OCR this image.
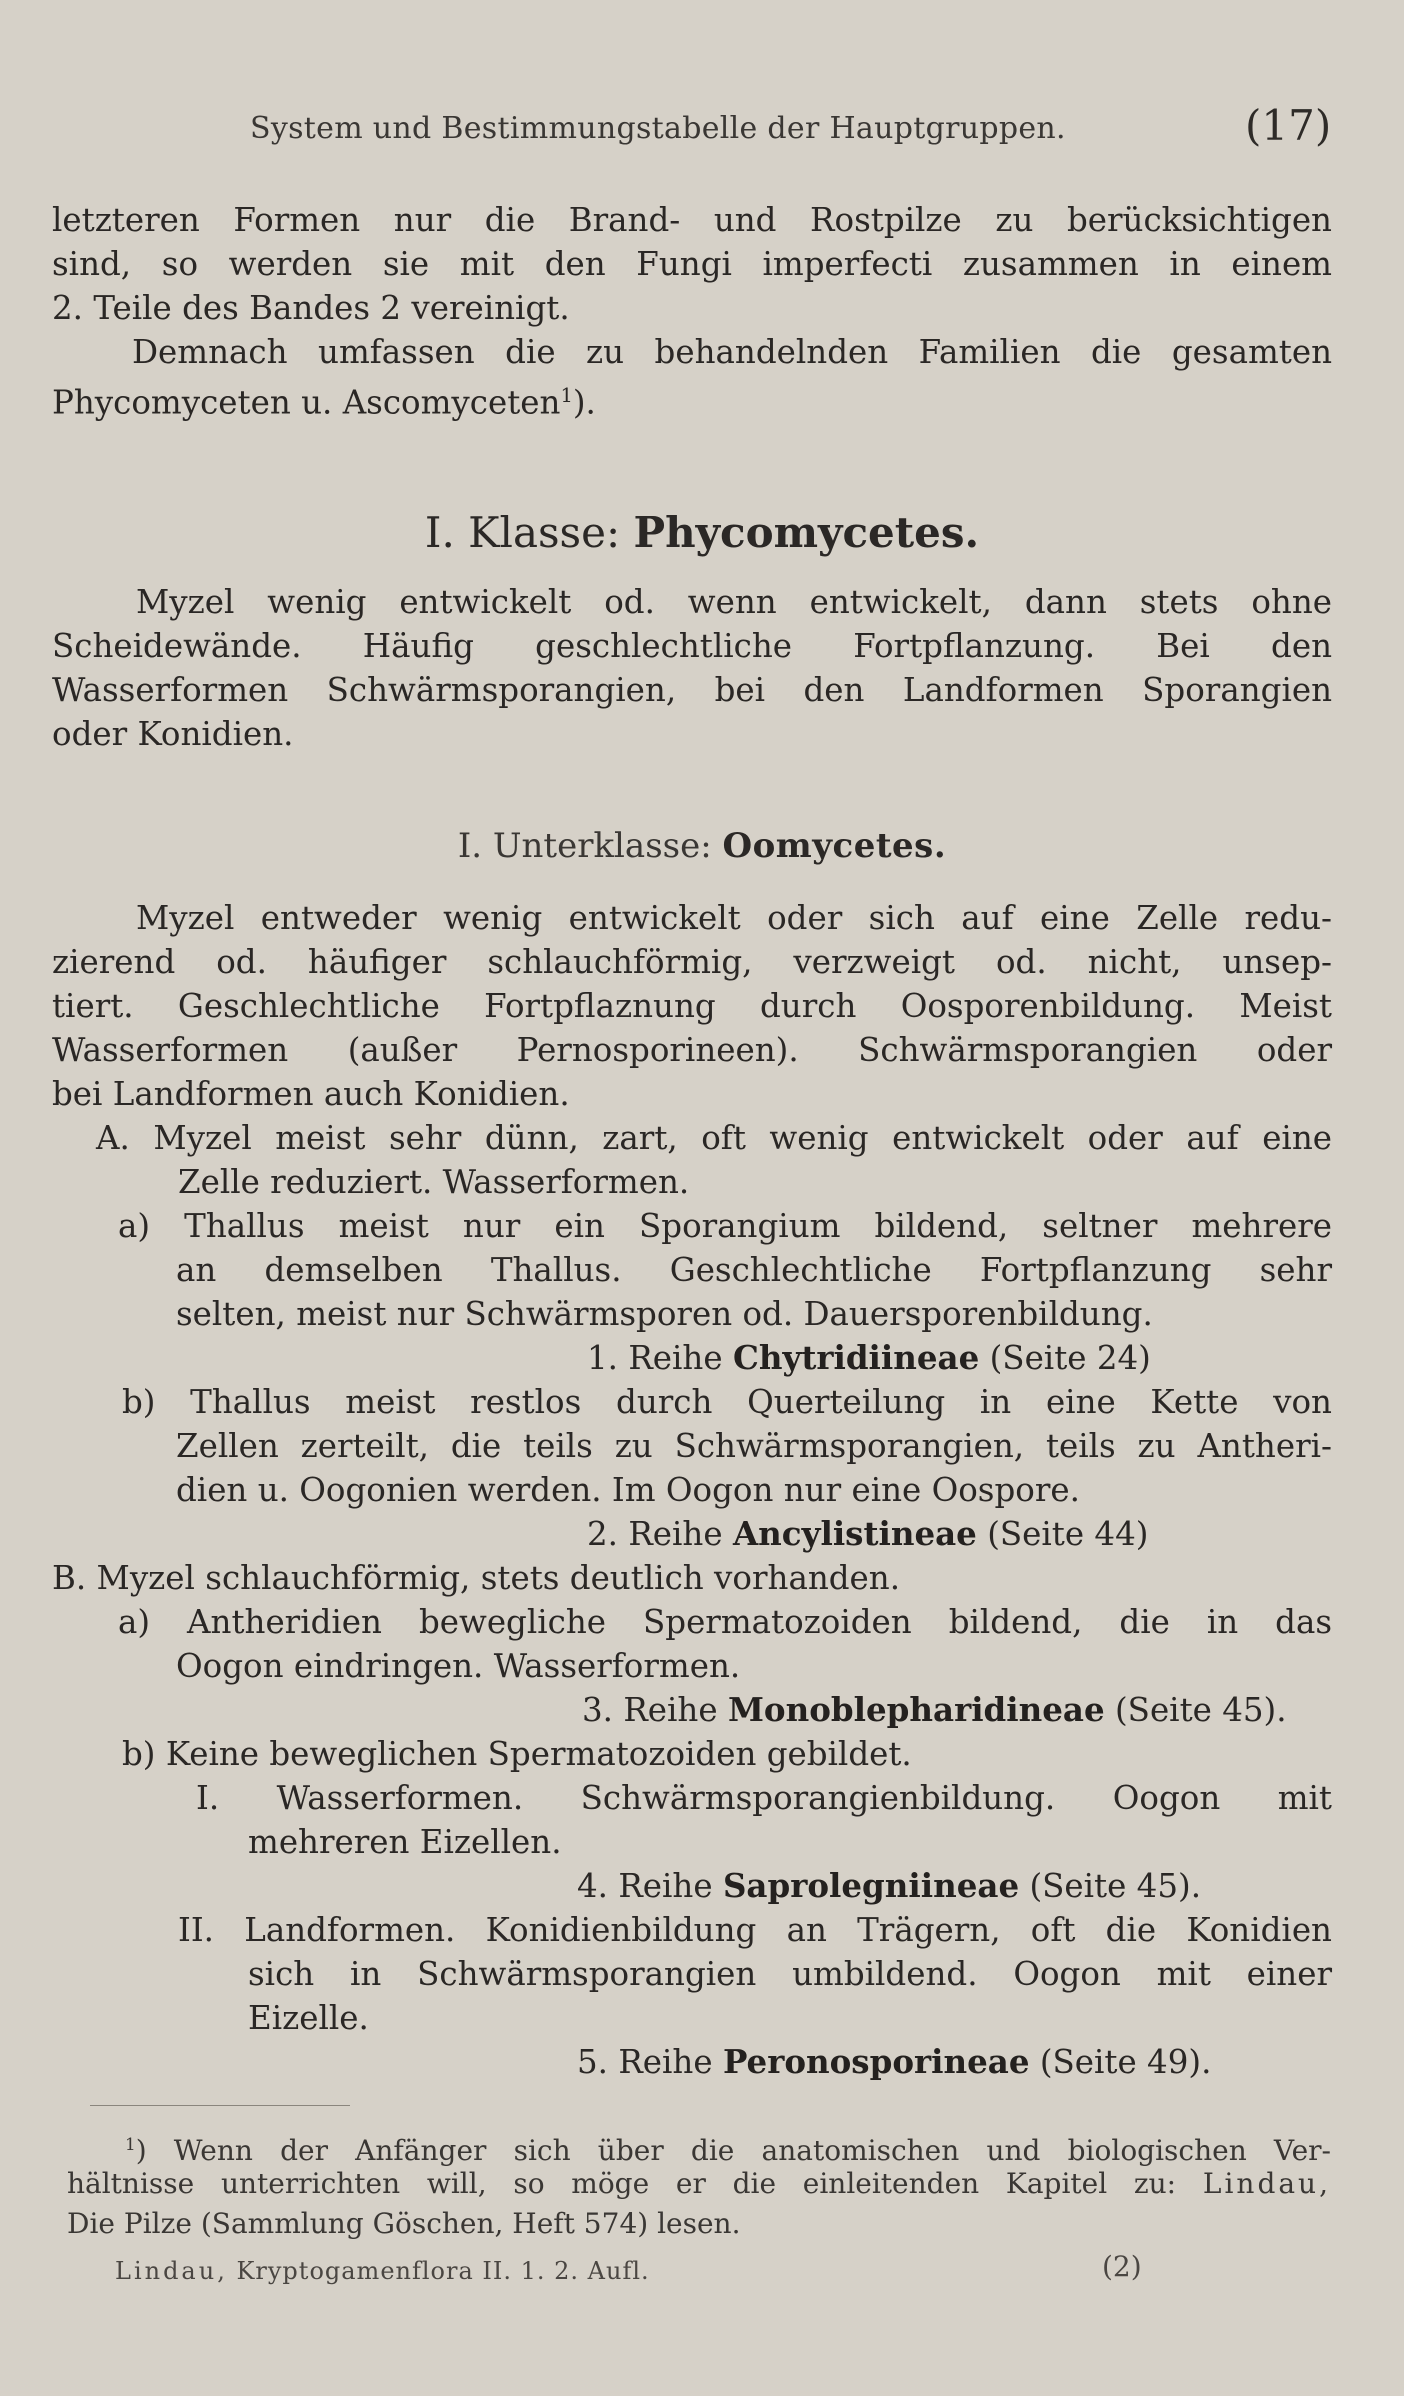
System und Bestimmungstabelle der Hauptgruppen.	(17)
letzteren Formen nur die Brand- und Rostpilze zu berücksichtigen
sind, so werden sie mit den Fungi imperfecti zusammen in einem
2. Teile des Bandes 2 vereinigt.
Demnach umfassen die zu behandelnden Familien die gesamten
Phycomyceten u. Ascomyceten$^1$).
I. Klasse: Phycomycetes.
Myzel wenig entwickelt od. wenn entwickelt, dann stets ohne
Scheidewände. Häufig geschlechtliche Fortpflanzung. Bei den
Wasserformen Schwärmsporangien, bei den Landformen Sporangien
oder Konidien.
I. Unterklasse: Oomycetes.
Myzel entweder wenig entwickelt oder sich auf eine Zelle redu-
zierend od. häufiger schlauchförmig, verzweigt od. nicht, unsep-
tiert. Geschlechtliche Fortpflaznung durch Oosporenbildung. Meist
Wasserformen (außer Pernosporineen). Schwärmsporangien oder
bei Landformen auch Konidien.
A. Myzel meist sehr dünn, zart, oft wenig entwickelt oder auf eine
Zelle reduziert. Wasserformen.
a) Thallus meist nur ein Sporangium bildend, seltner mehrere
an demselben Thallus. Geschlechtliche Fortpflanzung sehr
selten, meist nur Schwärmsporen od. Dauersporenbildung.
1. Reihe Chytridiineae (Seite 24)
b) Thallus meist restlos durch Querteilung in eine Kette von
Zellen zerteilt, die teils zu Schwärmsporangien, teils zu Antheri-
dien u. Oogonien werden. Im Oogon nur eine Oospore.
2. Reihe Ancylistineae (Seite 44)
B. Myzel schlauchförmig, stets deutlich vorhanden.
a) Antheridien bewegliche Spermatozoiden bildend, die in das
Oogon eindringen. Wasserformen.
3. Reihe Monoblepharidineae (Seite 45).
b) Keine beweglichen Spermatozoiden gebildet.
I. Wasserformen. Schwärmsporangienbildung. Oogon mit
mehreren Eizellen.
4. Reihe Saprolegniineae (Seite 45).
II. Landformen. Konidienbildung an Trägern, oft die Konidien
sich in Schwärmsporangien umbildend. Oogon mit einer
Eizelle.
5. Reihe Peronosporineae (Seite 49).
$^1$) Wenn der Anfänger sich über die anatomischen und biologischen Ver-
hältnisse unterrichten will, so möge er die einleitenden Kapitel zu: Lindau,
Die Pilze (Sammlung Göschen, Heft 574) lesen.
Lindau, Kryptogamenflora II. 1. 2. Aufl.	(2)
